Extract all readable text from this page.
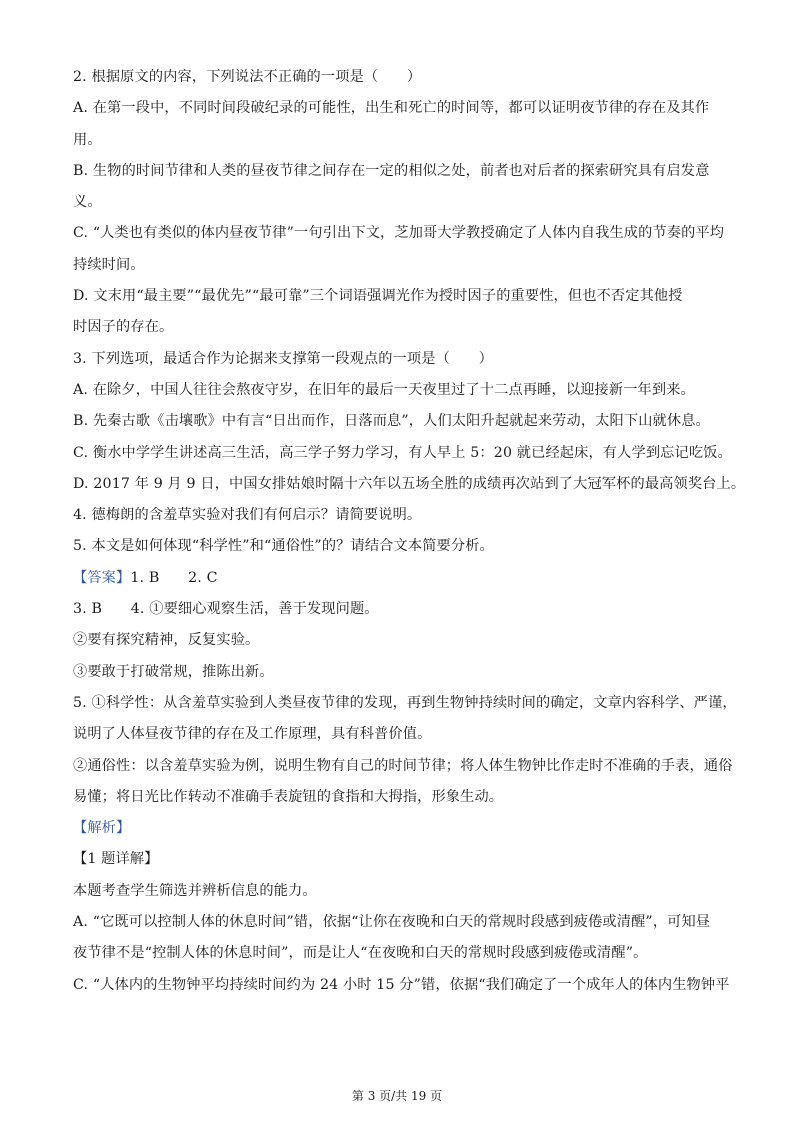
2. 根据原文的内容，下列说法不正确的一项是（　　）
A. 在第一段中，不同时间段破纪录的可能性，出生和死亡的时间等，都可以证明夜节律的存在及其作
用。
B. 生物的时间节律和人类的昼夜节律之间存在一定的相似之处，前者也对后者的探索研究具有启发意
义。
C. “人类也有类似的体内昼夜节律”一句引出下文，芝加哥大学教授确定了人体内自我生成的节奏的平均
持续时间。
D. 文末用“最主要”“最优先”“最可靠”三个词语强调光作为授时因子的重要性，但也不否定其他授
时因子的存在。
3. 下列选项，最适合作为论据来支撑第一段观点的一项是（　　）
A. 在除夕，中国人往往会熬夜守岁，在旧年的最后一天夜里过了十二点再睡，以迎接新一年到来。
B. 先秦古歌《击壤歌》中有言“日出而作，日落而息”，人们太阳升起就起来劳动，太阳下山就休息。
C. 衡水中学学生讲述高三生活，高三学子努力学习，有人早上 5：20 就已经起床，有人学到忘记吃饭。
D. 2017 年 9 月 9 日，中国女排姑娘时隔十六年以五场全胜的成绩再次站到了大冠军杯的最高领奖台上。
4. 德梅朗的含羞草实验对我们有何启示？请简要说明。
5. 本文是如何体现“科学性”和“通俗性”的？请结合文本简要分析。
【答案】1. B　　2. C
3. B　　4. ①要细心观察生活，善于发现问题。
②要有探究精神，反复实验。
③要敢于打破常规，推陈出新。
5. ①科学性：从含羞草实验到人类昼夜节律的发现，再到生物钟持续时间的确定，文章内容科学、严谨，
说明了人体昼夜节律的存在及工作原理，具有科普价值。
②通俗性：以含羞草实验为例，说明生物有自己的时间节律；将人体生物钟比作走时不准确的手表，通俗
易懂；将日光比作转动不准确手表旋钮的食指和大拇指，形象生动。
【解析】
【1 题详解】
本题考查学生筛选并辨析信息的能力。
A. “它既可以控制人体的休息时间”错，依据“让你在夜晚和白天的常规时段感到疲倦或清醒”，可知昼
夜节律不是“控制人体的休息时间”，而是让人“在夜晚和白天的常规时段感到疲倦或清醒”。
C. “人体内的生物钟平均持续时间约为 24 小时 15 分”错，依据“我们确定了一个成年人的体内生物钟平
第 3 页/共 19 页
